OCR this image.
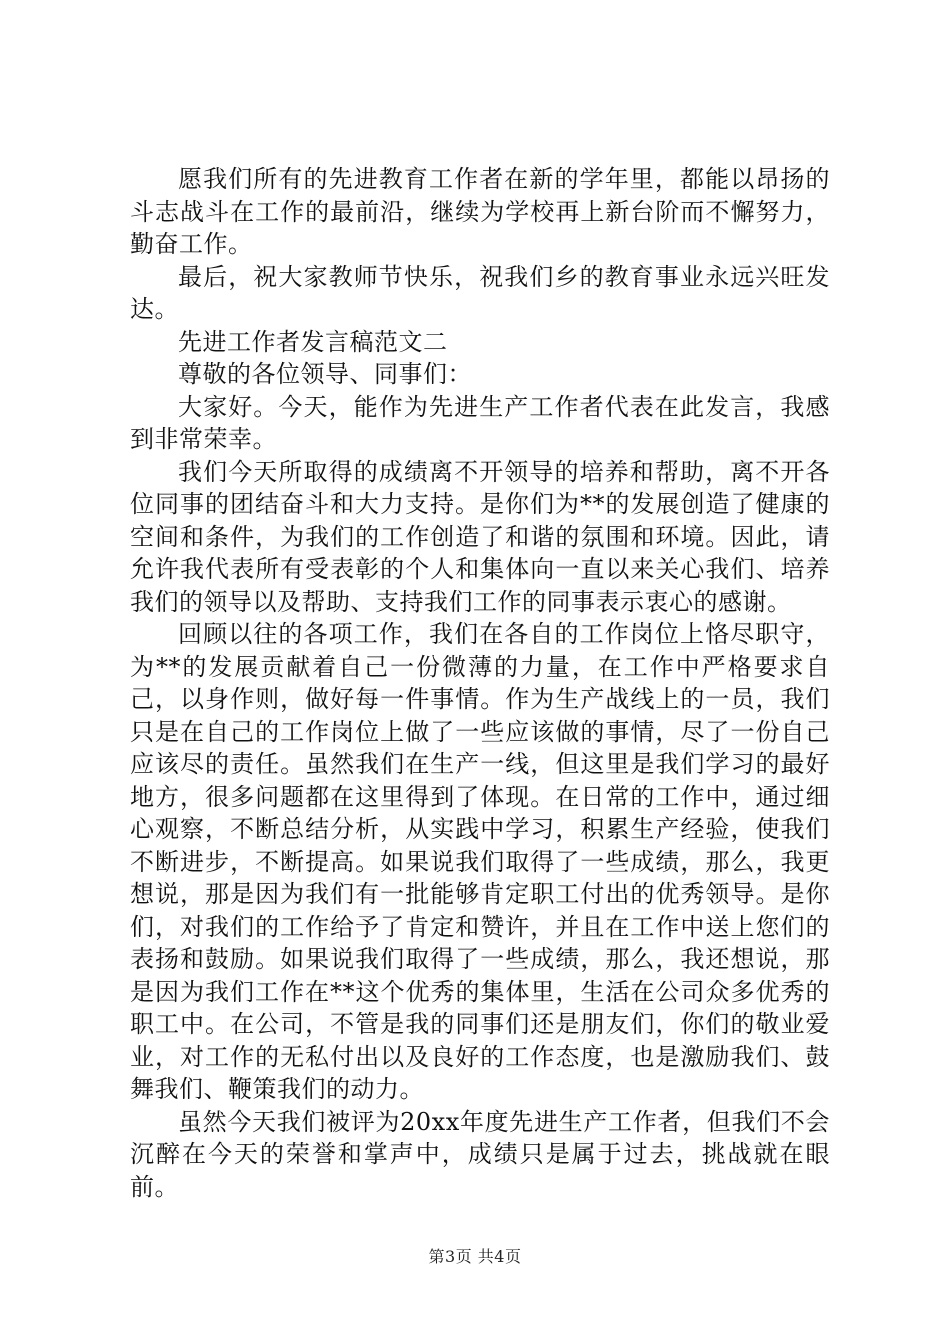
愿我们所有的先进教育工作者在新的学年里，都能以昂扬的斗志战斗在工作的最前沿，继续为学校再上新台阶而不懈努力，勤奋工作。

最后，祝大家教师节快乐，祝我们乡的教育事业永远兴旺发达。

先进工作者发言稿范文二

尊敬的各位领导、同事们：

大家好。今天，能作为先进生产工作者代表在此发言，我感到非常荣幸。

我们今天所取得的成绩离不开领导的培养和帮助，离不开各位同事的团结奋斗和大力支持。是你们为**的发展创造了健康的空间和条件，为我们的工作创造了和谐的氛围和环境。因此，请允许我代表所有受表彰的个人和集体向一直以来关心我们、培养我们的领导以及帮助、支持我们工作的同事表示衷心的感谢。

回顾以往的各项工作，我们在各自的工作岗位上恪尽职守，为**的发展贡献着自己一份微薄的力量，在工作中严格要求自己，以身作则，做好每一件事情。作为生产战线上的一员，我们只是在自己的工作岗位上做了一些应该做的事情，尽了一份自己应该尽的责任。虽然我们在生产一线，但这里是我们学习的最好地方，很多问题都在这里得到了体现。在日常的工作中，通过细心观察，不断总结分析，从实践中学习，积累生产经验，使我们不断进步，不断提高。如果说我们取得了一些成绩，那么，我更想说，那是因为我们有一批能够肯定职工付出的优秀领导。是你们，对我们的工作给予了肯定和赞许，并且在工作中送上您们的表扬和鼓励。如果说我们取得了一些成绩，那么，我还想说，那是因为我们工作在**这个优秀的集体里，生活在公司众多优秀的职工中。在公司，不管是我的同事们还是朋友们，你们的敬业爱业，对工作的无私付出以及良好的工作态度，也是激励我们、鼓舞我们、鞭策我们的动力。

虽然今天我们被评为20xx年度先进生产工作者，但我们不会沉醉在今天的荣誉和掌声中，成绩只是属于过去，挑战就在眼前。

第3页 共4页
